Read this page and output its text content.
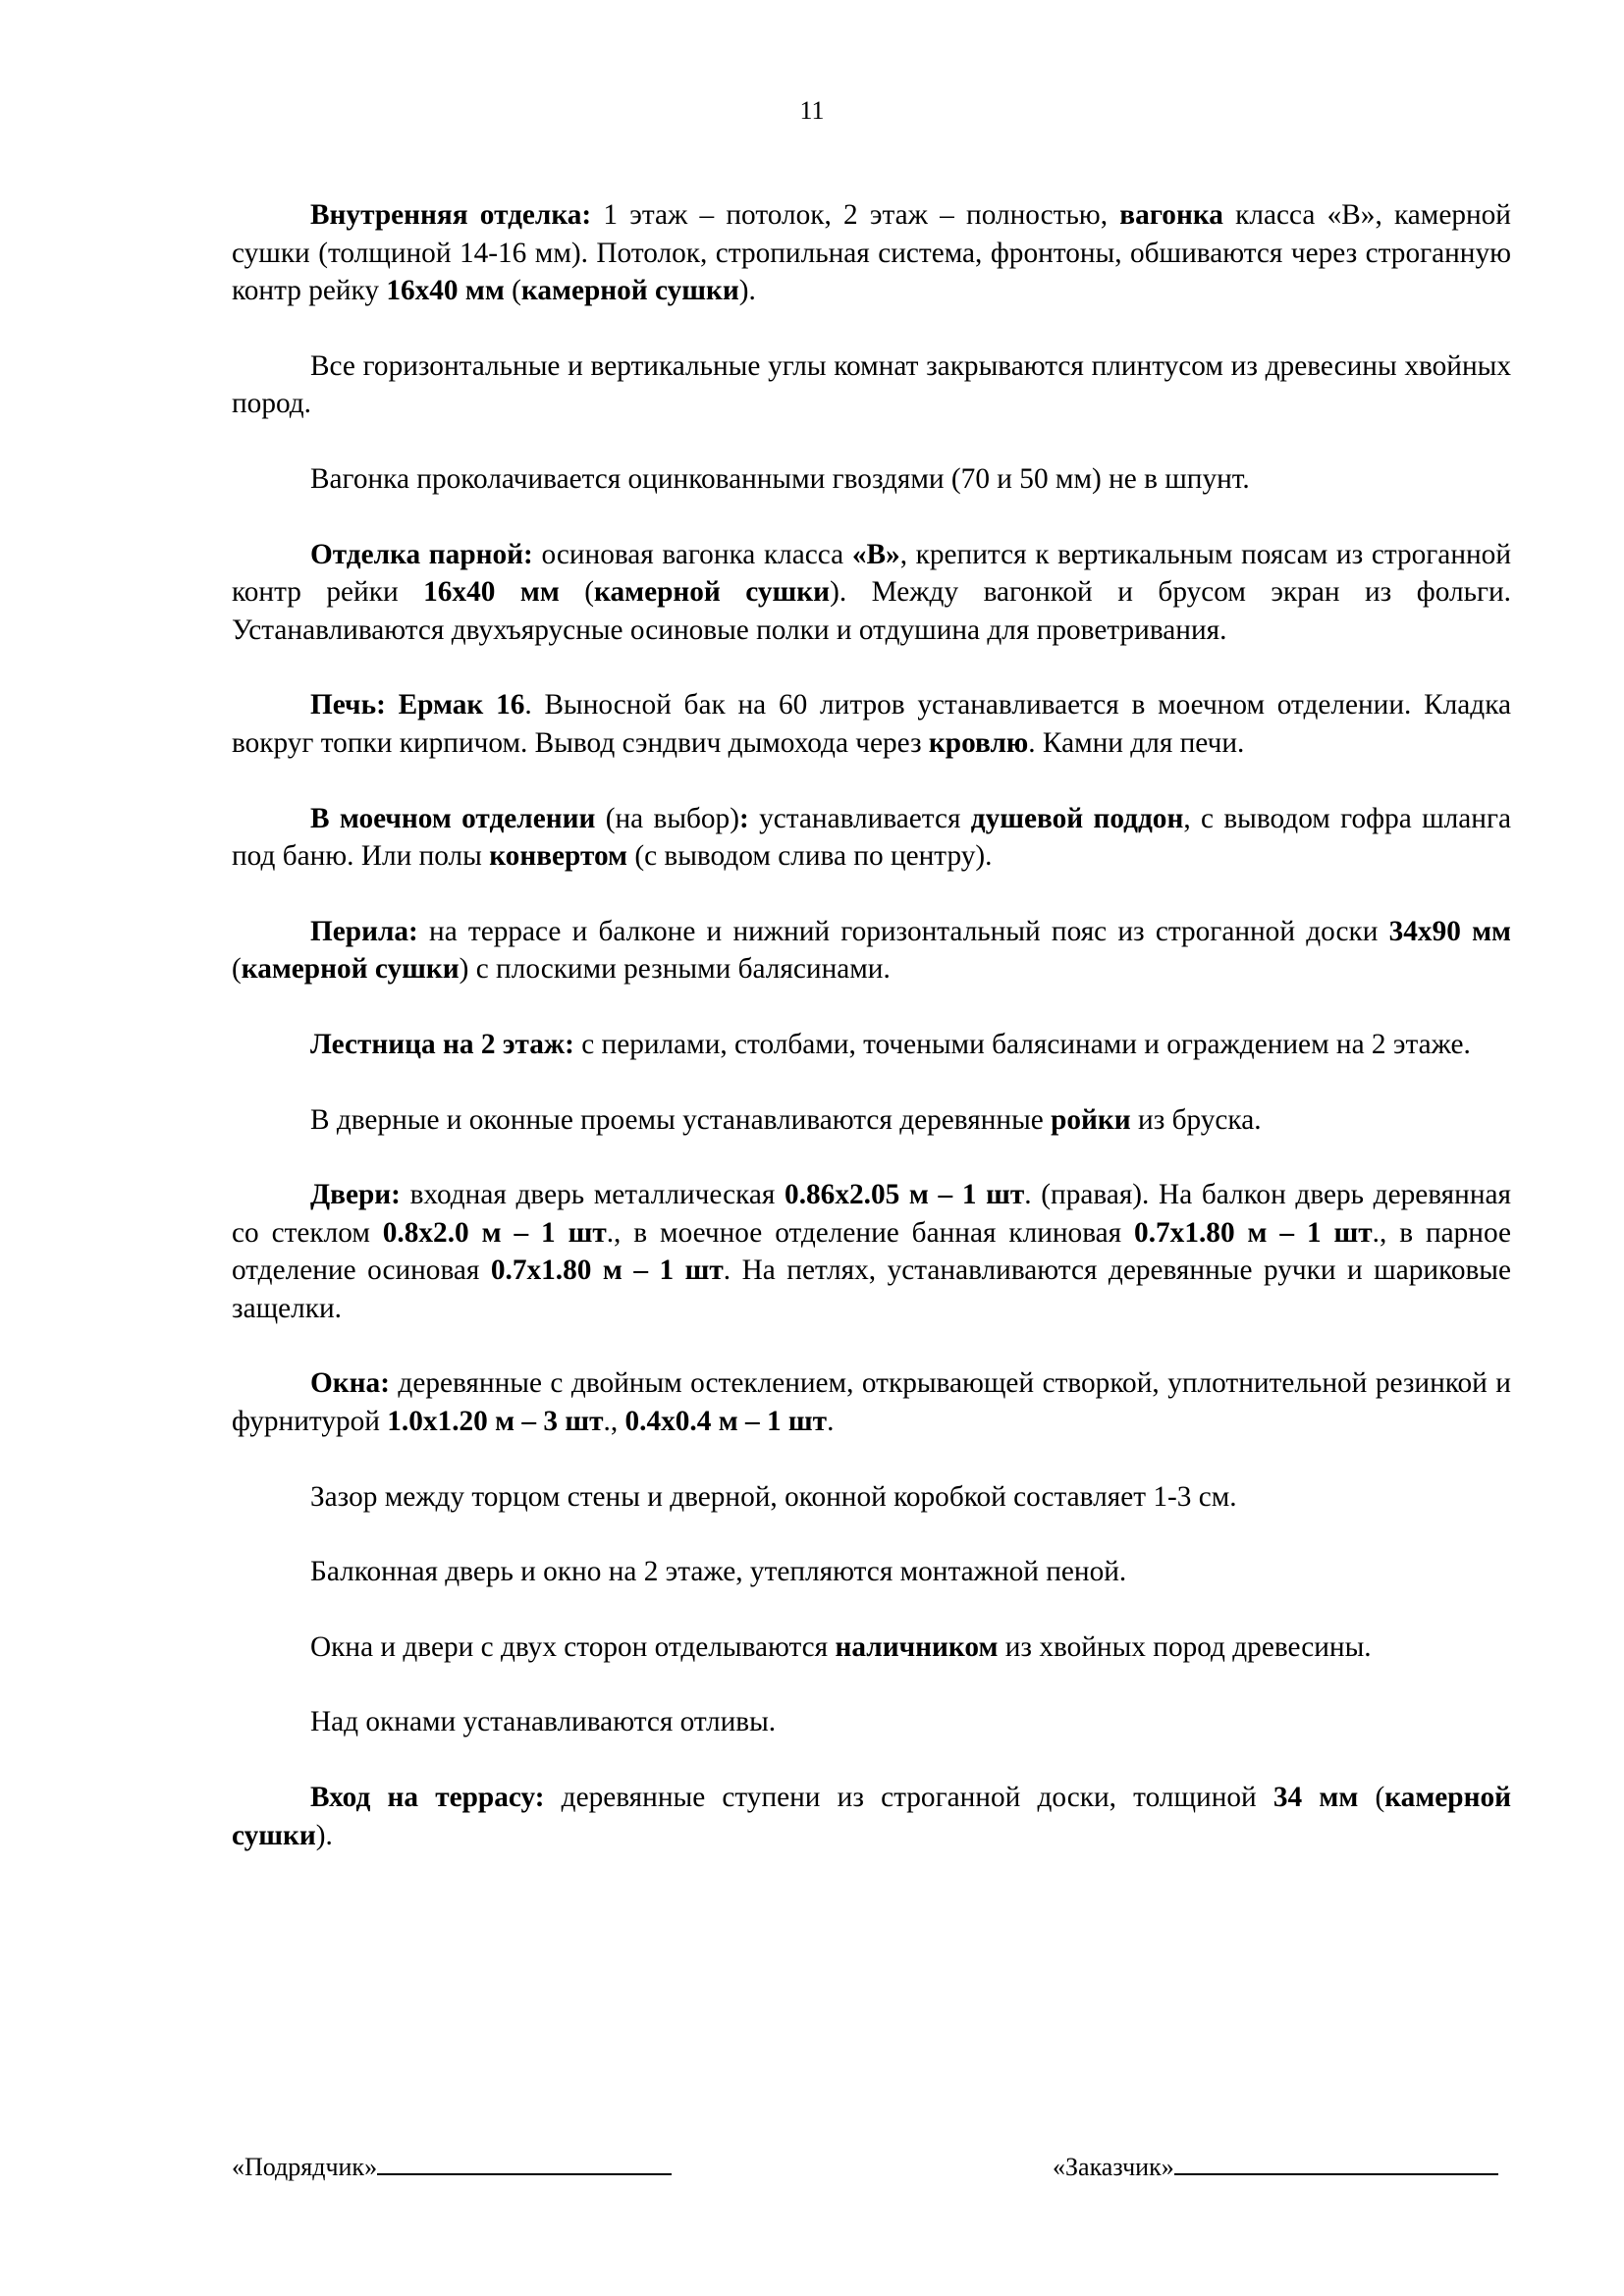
11

Внутренняя отделка: 1 этаж – потолок, 2 этаж – полностью, вагонка класса «В», камерной сушки (толщиной 14-16 мм). Потолок, стропильная система, фронтоны, обшиваются через строганную контр рейку 16х40 мм (камерной сушки).

Все горизонтальные и вертикальные углы комнат закрываются плинтусом из древесины хвойных пород.

Вагонка проколачивается оцинкованными гвоздями (70 и 50 мм) не в шпунт.

Отделка парной: осиновая вагонка класса «В», крепится к вертикальным поясам из строганной контр рейки 16х40 мм (камерной сушки). Между вагонкой и брусом экран из фольги. Устанавливаются двухъярусные осиновые полки и отдушина для проветривания.

Печь: Ермак 16. Выносной бак на 60 литров устанавливается в моечном отделении. Кладка вокруг топки кирпичом. Вывод сэндвич дымохода через кровлю. Камни для печи.

В моечном отделении (на выбор): устанавливается душевой поддон, с выводом гофра шланга под баню. Или полы конвертом (с выводом слива по центру).

Перила: на террасе и балконе и нижний горизонтальный пояс из строганной доски 34х90 мм (камерной сушки) с плоскими резными балясинами.

Лестница на 2 этаж: с перилами, столбами, точеными балясинами и ограждением на 2 этаже.

В дверные и оконные проемы устанавливаются деревянные ройки из бруска.

Двери: входная дверь металлическая 0.86х2.05 м – 1 шт. (правая). На балкон дверь деревянная со стеклом 0.8х2.0 м – 1 шт., в моечное отделение банная клиновая 0.7х1.80 м – 1 шт., в парное отделение осиновая 0.7х1.80 м – 1 шт. На петлях, устанавливаются деревянные ручки и шариковые защелки.

Окна: деревянные с двойным остеклением, открывающей створкой, уплотнительной резинкой и фурнитурой 1.0х1.20 м – 3 шт., 0.4х0.4 м – 1 шт.

Зазор между торцом стены и дверной, оконной коробкой составляет 1-3 см.

Балконная дверь и окно на 2 этаже, утепляются монтажной пеной.

Окна и двери с двух сторон отделываются наличником из хвойных пород древесины.

Над окнами устанавливаются отливы.

Вход на террасу: деревянные ступени из строганной доски, толщиной 34 мм (камерной сушки).

«Подрядчик»	«Заказчик»
